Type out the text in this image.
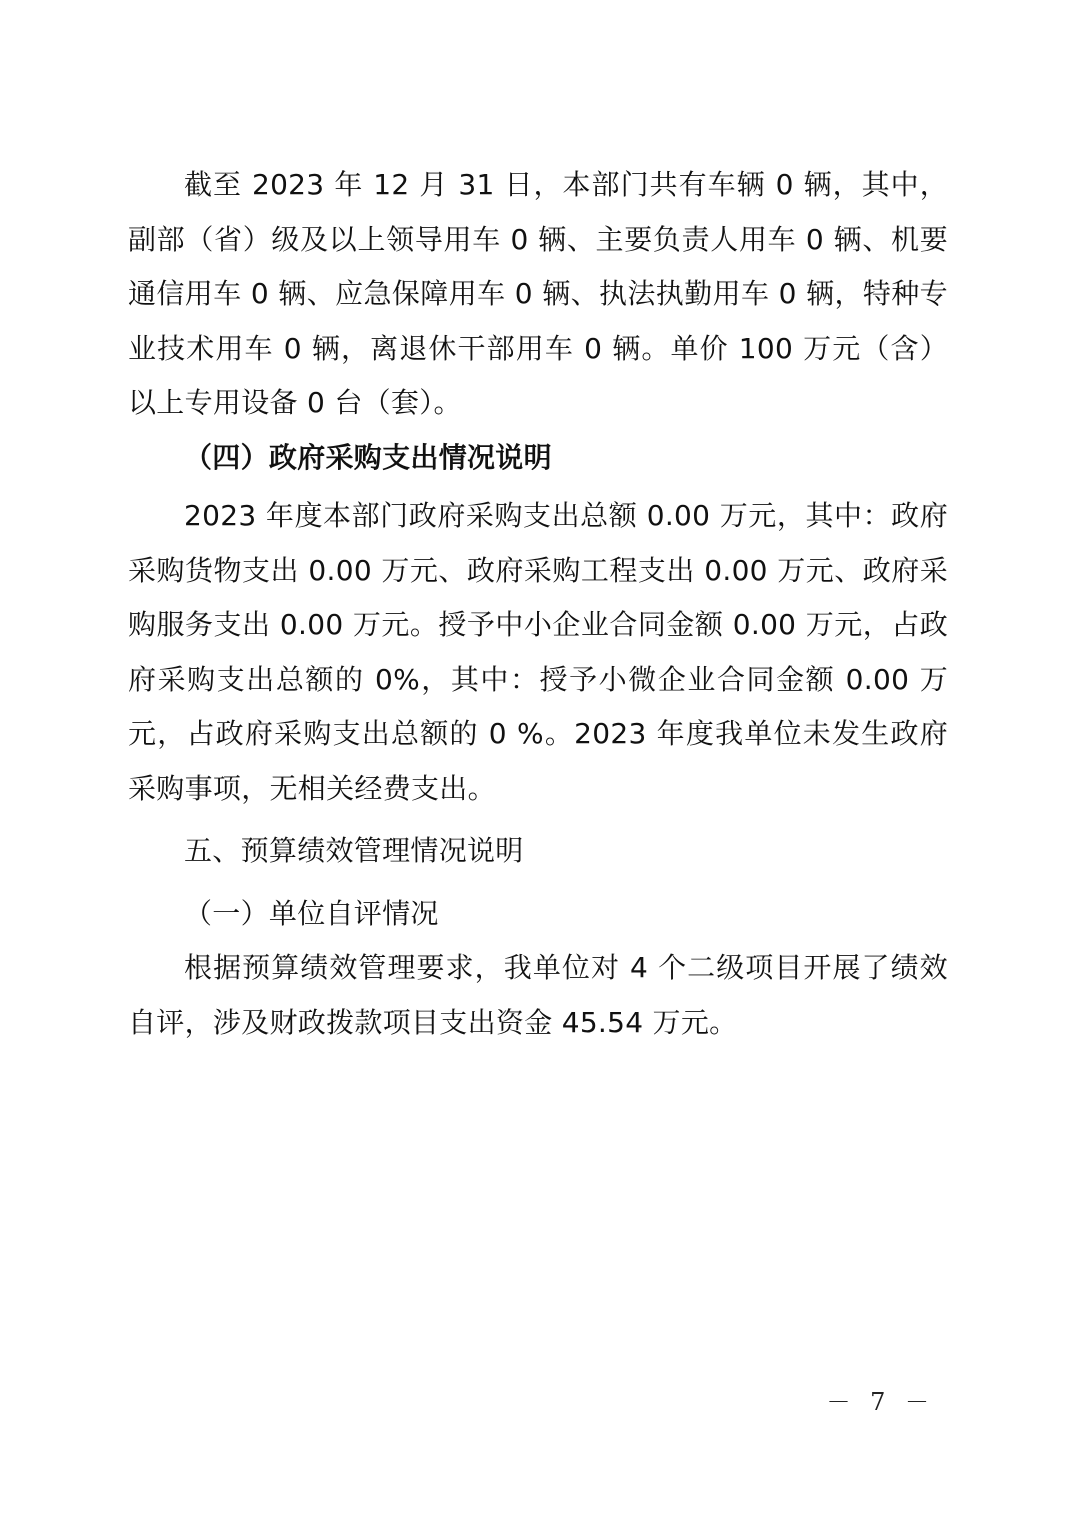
截至 2023 年 12 月 31 日，本部门共有车辆 0 辆，其中，副部（省）级及以上领导用车 0 辆、主要负责人用车 0 辆、机要通信用车 0 辆、应急保障用车 0 辆、执法执勤用车 0 辆，特种专业技术用车 0 辆，离退休干部用车 0 辆。单价 100 万元（含）以上专用设备 0 台（套）。

（四）政府采购支出情况说明

2023 年度本部门政府采购支出总额 0.00 万元，其中：政府采购货物支出 0.00 万元、政府采购工程支出 0.00 万元、政府采购服务支出 0.00 万元。授予中小企业合同金额 0.00 万元，占政府采购支出总额的 0%，其中：授予小微企业合同金额 0.00 万元，占政府采购支出总额的 0 %。2023 年度我单位未发生政府采购事项，无相关经费支出。

五、预算绩效管理情况说明

（一）单位自评情况

根据预算绩效管理要求，我单位对 4 个二级项目开展了绩效自评，涉及财政拨款项目支出资金 45.54 万元。

－ 7 －
